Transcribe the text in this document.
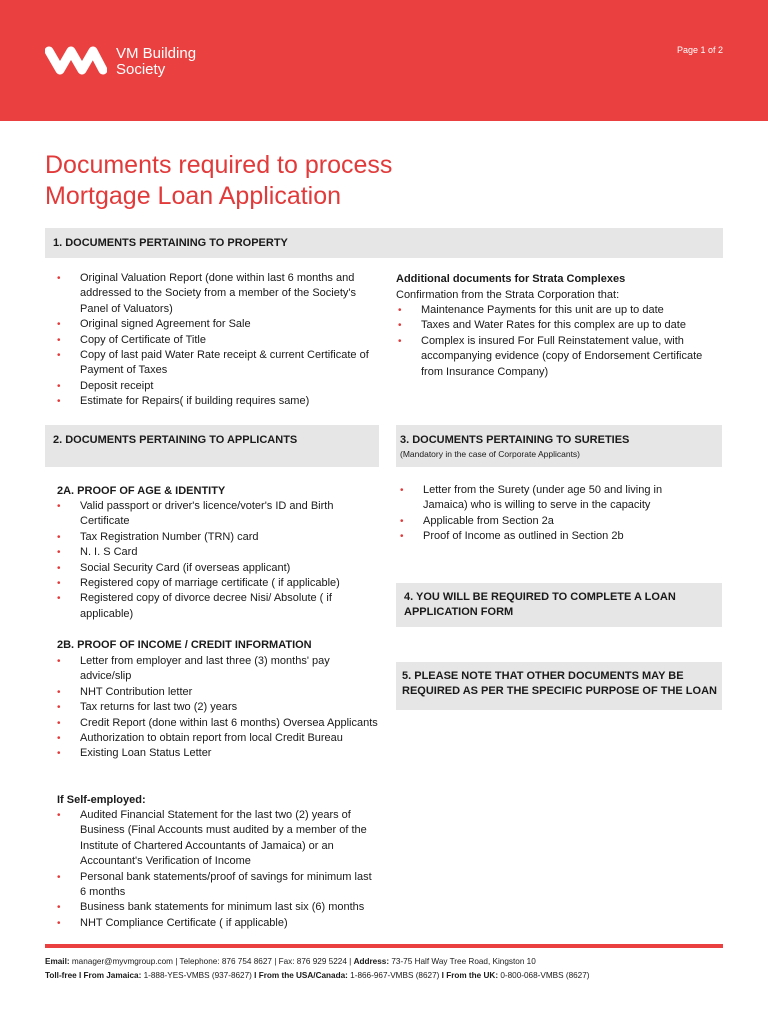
VM Building
Society
Page 1 of 2
Documents required to process
Mortgage Loan Application
1. DOCUMENTS PERTAINING TO PROPERTY
• Original Valuation Report (done within last 6 months and addressed to the Society from a member of the Society's Panel of Valuators)
• Original signed Agreement for Sale
• Copy of Certificate of Title
• Copy of last paid Water Rate receipt & current Certificate of Payment of Taxes
• Deposit receipt
• Estimate for Repairs( if building requires same)
Additional documents for Strata Complexes
Confirmation from the Strata Corporation that:
• Maintenance Payments for this unit are up to date
• Taxes and Water Rates for this complex are up to date
• Complex is insured For Full Reinstatement value, with accompanying evidence (copy of Endorsement Certificate from Insurance Company)
2. DOCUMENTS PERTAINING TO APPLICANTS
2A. PROOF OF AGE & IDENTITY
• Valid passport or driver's licence/voter's ID and Birth Certificate
• Tax Registration Number (TRN) card
• N. I. S Card
• Social Security Card (if overseas applicant)
• Registered copy of marriage certificate ( if applicable)
• Registered copy of divorce decree Nisi/ Absolute ( if applicable)
2B. PROOF OF INCOME / CREDIT INFORMATION
• Letter from employer and last three (3) months' pay advice/slip
• NHT Contribution letter
• Tax returns for last two (2) years
• Credit Report (done within last 6 months) Oversea Applicants
• Authorization to obtain report from local Credit Bureau
• Existing Loan Status Letter
If Self-employed:
• Audited Financial Statement for the last two (2) years of Business (Final Accounts must audited by a member of the Institute of Chartered Accountants of Jamaica) or an Accountant's Verification of Income
• Personal bank statements/proof of savings for minimum last 6 months
• Business bank statements for minimum last six (6) months
• NHT Compliance Certificate ( if applicable)
3. DOCUMENTS PERTAINING TO SURETIES
(Mandatory in the case of Corporate Applicants)
• Letter from the Surety (under age 50 and living in Jamaica) who is willing to serve in the capacity
• Applicable from Section 2a
• Proof of Income as outlined in Section 2b
4. YOU WILL BE REQUIRED TO COMPLETE A LOAN APPLICATION FORM
5. PLEASE NOTE THAT OTHER DOCUMENTS MAY BE REQUIRED AS PER THE SPECIFIC PURPOSE OF THE LOAN
Email: manager@myvmgroup.com | Telephone: 876 754 8627 | Fax: 876 929 5224 | Address: 73-75 Half Way Tree Road, Kingston 10
Toll-free I From Jamaica: 1-888-YES-VMBS (937-8627) I From the USA/Canada: 1-866-967-VMBS (8627) I From the UK: 0-800-068-VMBS (8627)
